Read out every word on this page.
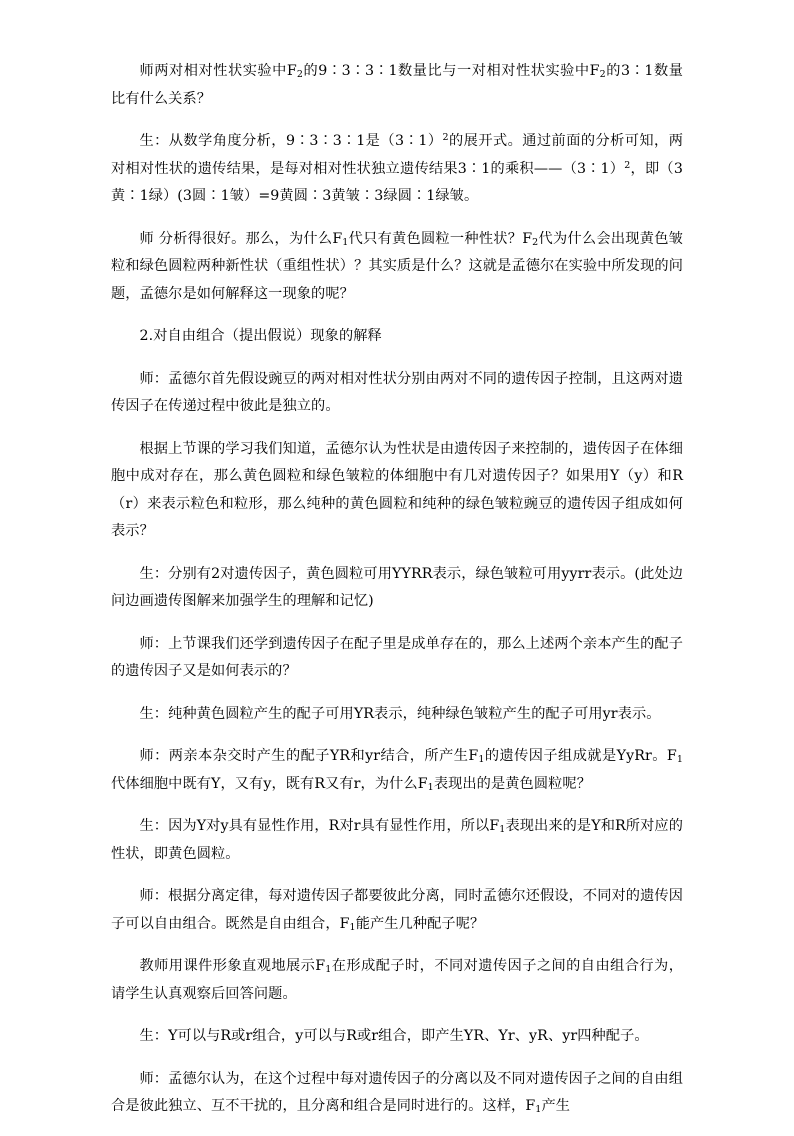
师两对相对性状实验中$F_2$的9∶3∶3∶1数量比与一对相对性状实验中$F_2$的3∶1数量比有什么关系？

生：从数学角度分析，9∶3∶3∶1是（3∶1）$^2$的展开式。通过前面的分析可知，两对相对性状的遗传结果，是每对相对性状独立遗传结果3∶1的乘积——（3∶1）$^2$，即（3黄∶1绿）(3圆∶1皱）=9黄圆∶3黄皱∶3绿圆∶1绿皱。

师 分析得很好。那么，为什么$F_1$代只有黄色圆粒一种性状？$F_2$代为什么会出现黄色皱粒和绿色圆粒两种新性状（重组性状）？其实质是什么？这就是孟德尔在实验中所发现的问题，孟德尔是如何解释这一现象的呢？

2.对自由组合（提出假说）现象的解释

师：孟德尔首先假设豌豆的两对相对性状分别由两对不同的遗传因子控制，且这两对遗传因子在传递过程中彼此是独立的。

根据上节课的学习我们知道，孟德尔认为性状是由遗传因子来控制的，遗传因子在体细胞中成对存在，那么黄色圆粒和绿色皱粒的体细胞中有几对遗传因子？如果用Y（y）和R（r）来表示粒色和粒形，那么纯种的黄色圆粒和纯种的绿色皱粒豌豆的遗传因子组成如何表示？

生：分别有2对遗传因子，黄色圆粒可用YYRR表示，绿色皱粒可用yyrr表示。(此处边问边画遗传图解来加强学生的理解和记忆)

师：上节课我们还学到遗传因子在配子里是成单存在的，那么上述两个亲本产生的配子的遗传因子又是如何表示的？

生：纯种黄色圆粒产生的配子可用YR表示，纯种绿色皱粒产生的配子可用yr表示。

师：两亲本杂交时产生的配子YR和yr结合，所产生$F_1$的遗传因子组成就是YyRr。$F_1$代体细胞中既有Y，又有y，既有R又有r，为什么$F_1$表现出的是黄色圆粒呢？

生：因为Y对y具有显性作用，R对r具有显性作用，所以$F_1$表现出来的是Y和R所对应的性状，即黄色圆粒。

师：根据分离定律，每对遗传因子都要彼此分离，同时孟德尔还假设，不同对的遗传因子可以自由组合。既然是自由组合，$F_1$能产生几种配子呢？

教师用课件形象直观地展示$F_1$在形成配子时，不同对遗传因子之间的自由组合行为，请学生认真观察后回答问题。

生：Y可以与R或r组合，y可以与R或r组合，即产生YR、Yr、yR、yr四种配子。

师：孟德尔认为，在这个过程中每对遗传因子的分离以及不同对遗传因子之间的自由组合是彼此独立、互不干扰的，且分离和组合是同时进行的。这样，$F_1$产生
